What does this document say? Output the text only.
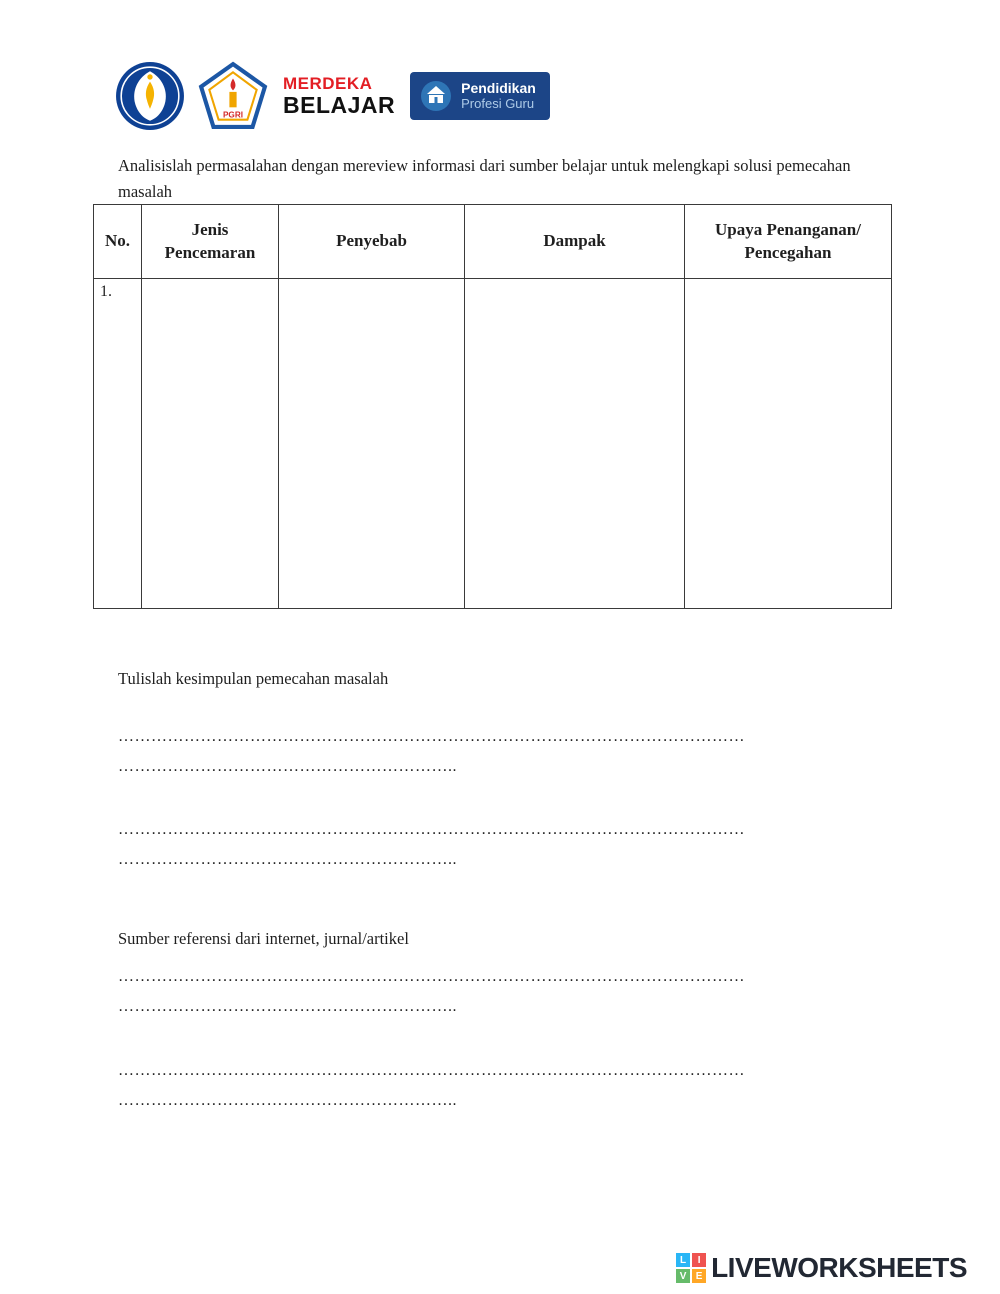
PGRI
MERDEKA
BELAJAR
Pendidikan
Profesi Guru

Analisislah permasalahan dengan mereview informasi dari sumber belajar untuk melengkapi solusi pemecahan masalah

No.	Jenis Pencemaran	Penyebab	Dampak	Upaya Penanganan/ Pencegahan
1.				

Tulislah kesimpulan pemecahan masalah

……………………………………………………………………………………………………

……………………………………………………..

……………………………………………………………………………………………………

……………………………………………………..

Sumber referensi dari internet, jurnal/artikel

……………………………………………………………………………………………………

……………………………………………………..

……………………………………………………………………………………………………

……………………………………………………..

L	I
V E LIVEWORKSHEETS
